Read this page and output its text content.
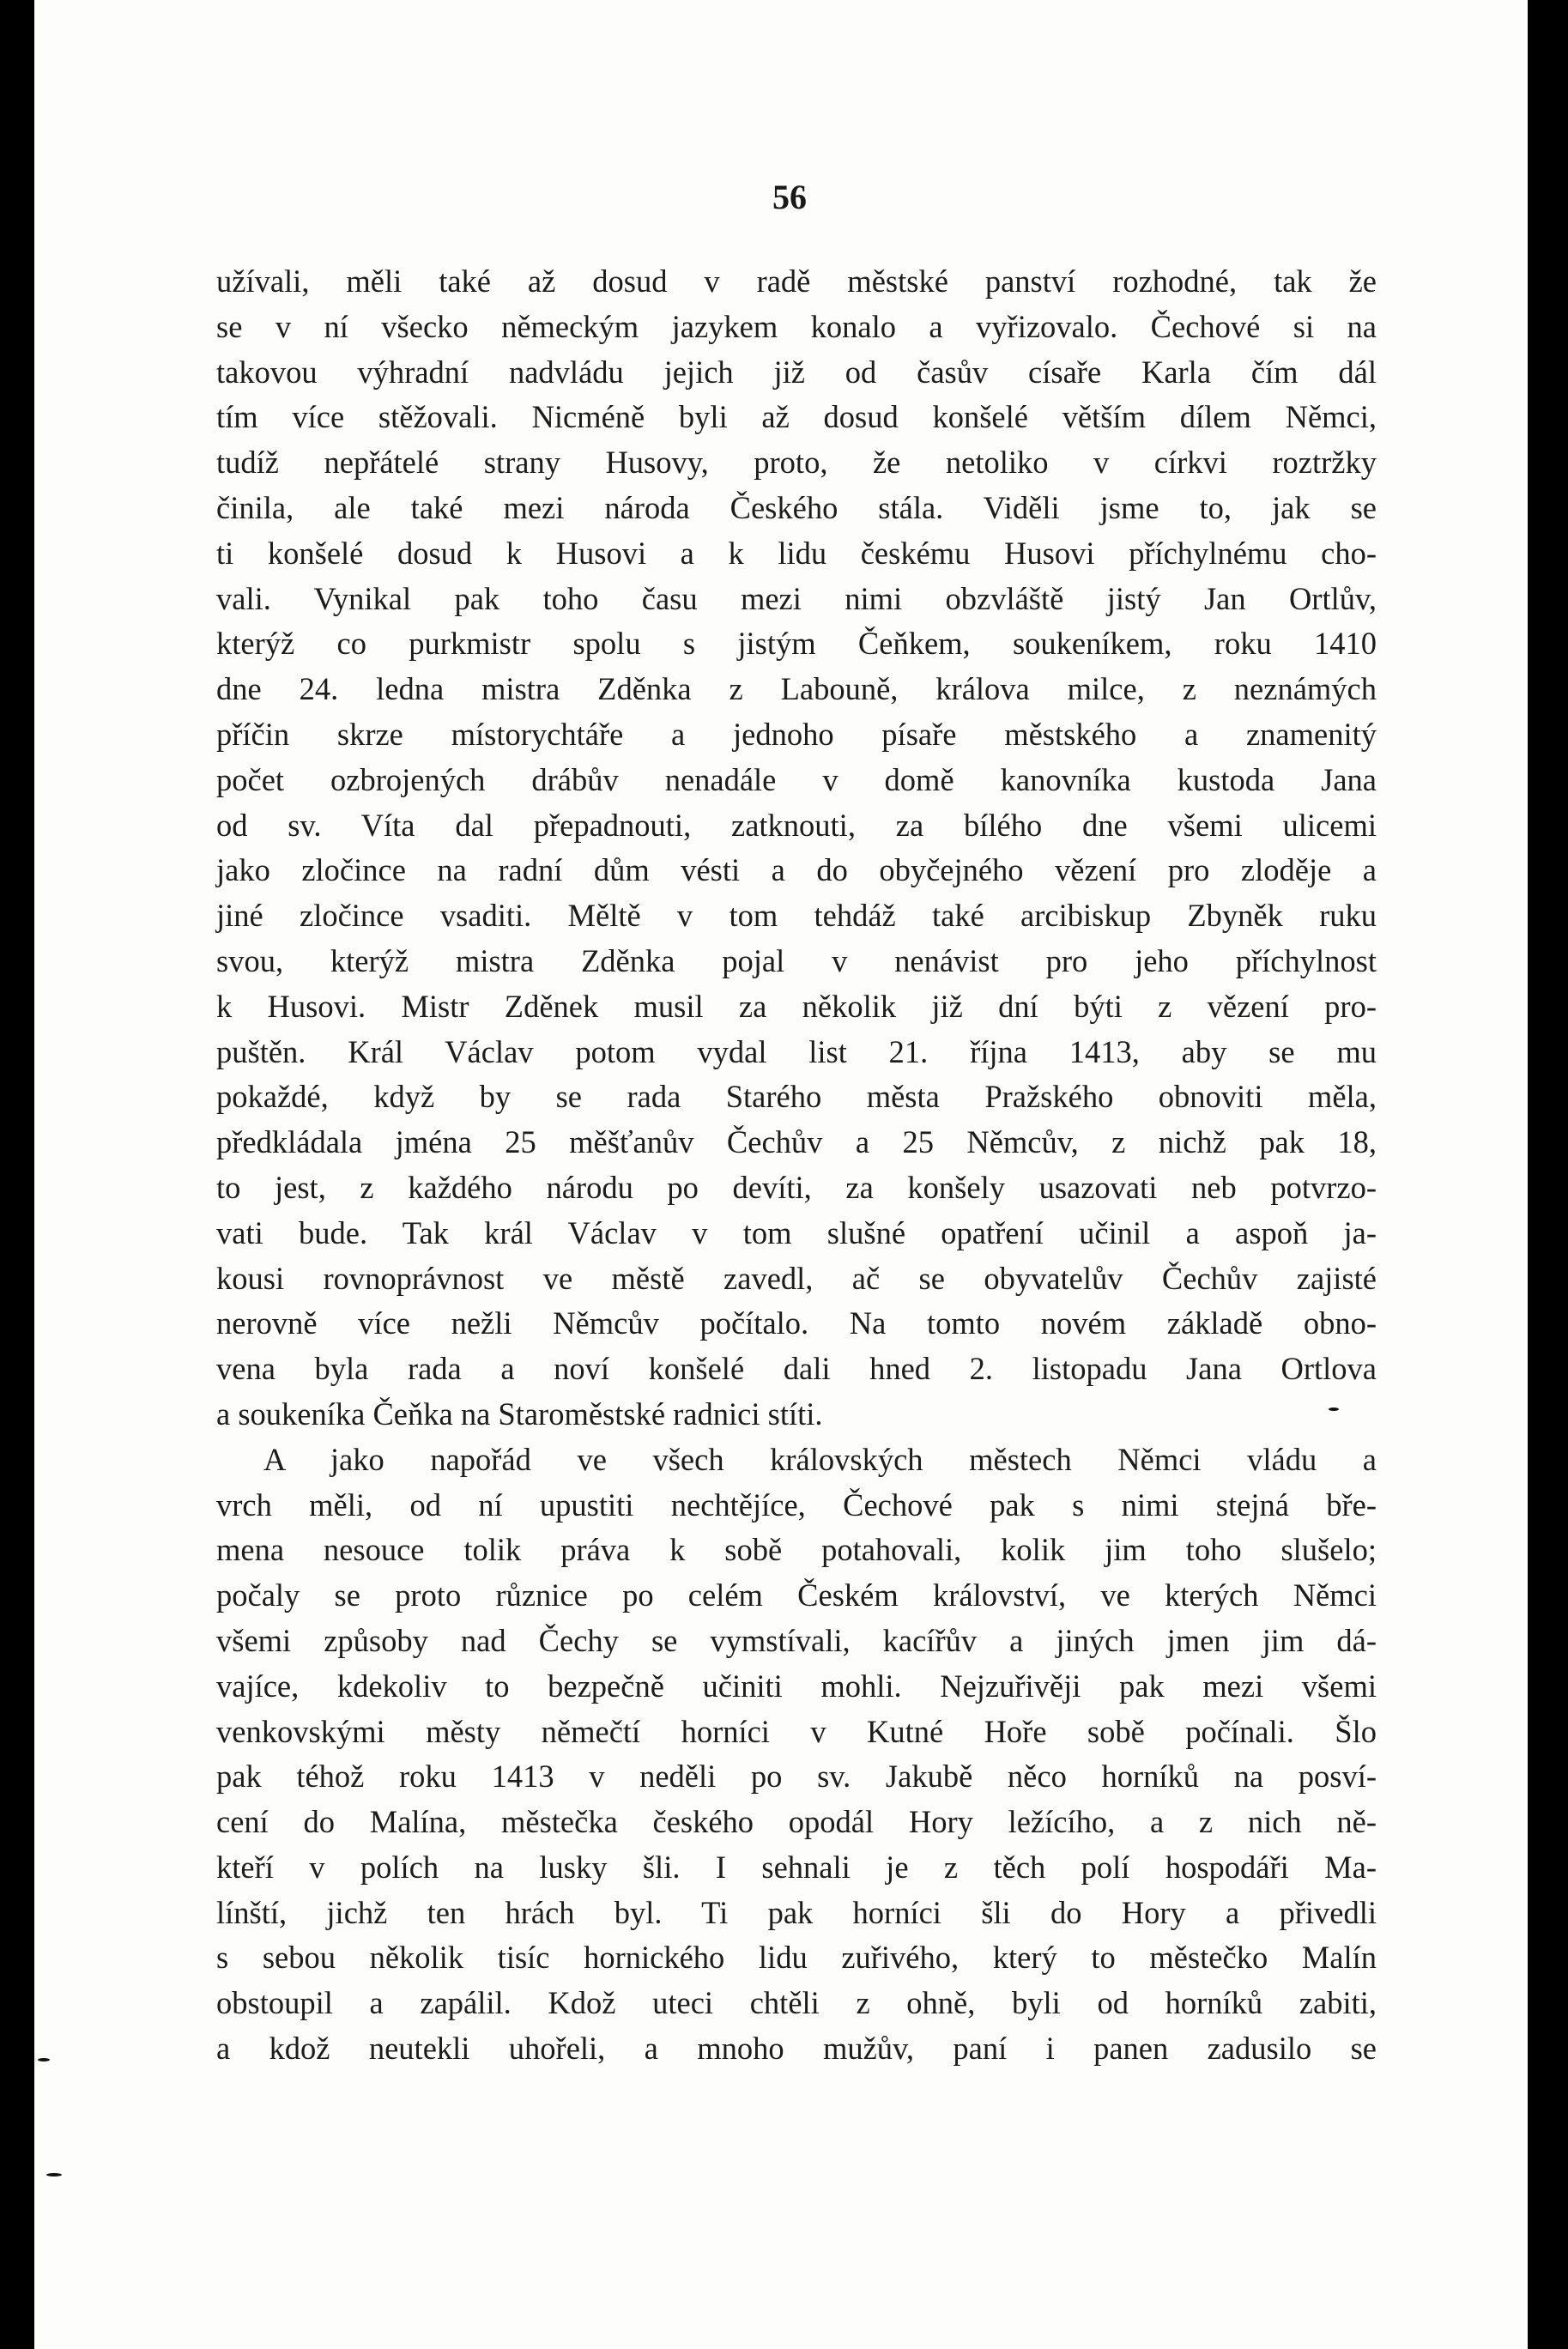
56
užívali, měli také až dosud v radě městské panství rozhodné, tak že
se v ní všecko německým jazykem konalo a vyřizovalo. Čechové si na
takovou výhradní nadvládu jejich již od časův císaře Karla čím dál
tím více stěžovali. Nicméně byli až dosud konšelé větším dílem Němci,
tudíž nepřátelé strany Husovy, proto, že netoliko v církvi roztržky
činila, ale také mezi národa Českého stála. Viděli jsme to, jak se
ti konšelé dosud k Husovi a k lidu českému Husovi příchylnému cho-
vali. Vynikal pak toho času mezi nimi obzvláště jistý Jan Ortlův,
kterýž co purkmistr spolu s jistým Čeňkem, soukeníkem, roku 1410
dne 24. ledna mistra Zděnka z Labouně, králova milce, z neznámých
příčin skrze místorychtáře a jednoho písaře městského a znamenitý
počet ozbrojených drábův nenadále v domě kanovníka kustoda Jana
od sv. Víta dal přepadnouti, zatknouti, za bílého dne všemi ulicemi
jako zločince na radní dům vésti a do obyčejného vězení pro zloděje a
jiné zločince vsaditi. Měltě v tom tehdáž také arcibiskup Zbyněk ruku
svou, kterýž mistra Zděnka pojal v nenávist pro jeho příchylnost
k Husovi. Mistr Zděnek musil za několik již dní býti z vězení pro-
puštěn. Král Václav potom vydal list 21. října 1413, aby se mu
pokaždé, když by se rada Starého města Pražského obnoviti měla,
předkládala jména 25 měšťanův Čechův a 25 Němcův, z nichž pak 18,
to jest, z každého národu po devíti, za konšely usazovati neb potvrzo-
vati bude. Tak král Václav v tom slušné opatření učinil a aspoň ja-
kousi rovnoprávnost ve městě zavedl, ač se obyvatelův Čechův zajisté
nerovně více nežli Němcův počítalo. Na tomto novém základě obno-
vena byla rada a noví konšelé dali hned 2. listopadu Jana Ortlova
a soukeníka Čeňka na Staroměstské radnici stíti.
A jako napořád ve všech královských městech Němci vládu a
vrch měli, od ní upustiti nechtějíce, Čechové pak s nimi stejná bře-
mena nesouce tolik práva k sobě potahovali, kolik jim toho slušelo;
počaly se proto různice po celém Českém království, ve kterých Němci
všemi způsoby nad Čechy se vymstívali, kacířův a jiných jmen jim dá-
vajíce, kdekoliv to bezpečně učiniti mohli. Nejzuřivěji pak mezi všemi
venkovskými městy němečtí horníci v Kutné Hoře sobě počínali. Šlo
pak téhož roku 1413 v neděli po sv. Jakubě něco horníků na posví-
cení do Malína, městečka českého opodál Hory ležícího, a z nich ně-
kteří v polích na lusky šli. I sehnali je z těch polí hospodáři Ma-
línští, jichž ten hrách byl. Ti pak horníci šli do Hory a přivedli
s sebou několik tisíc hornického lidu zuřivého, který to městečko Malín
obstoupil a zapálil. Kdož uteci chtěli z ohně, byli od horníků zabiti,
a kdož neutekli uhořeli, a mnoho mužův, paní i panen zadusilo se
